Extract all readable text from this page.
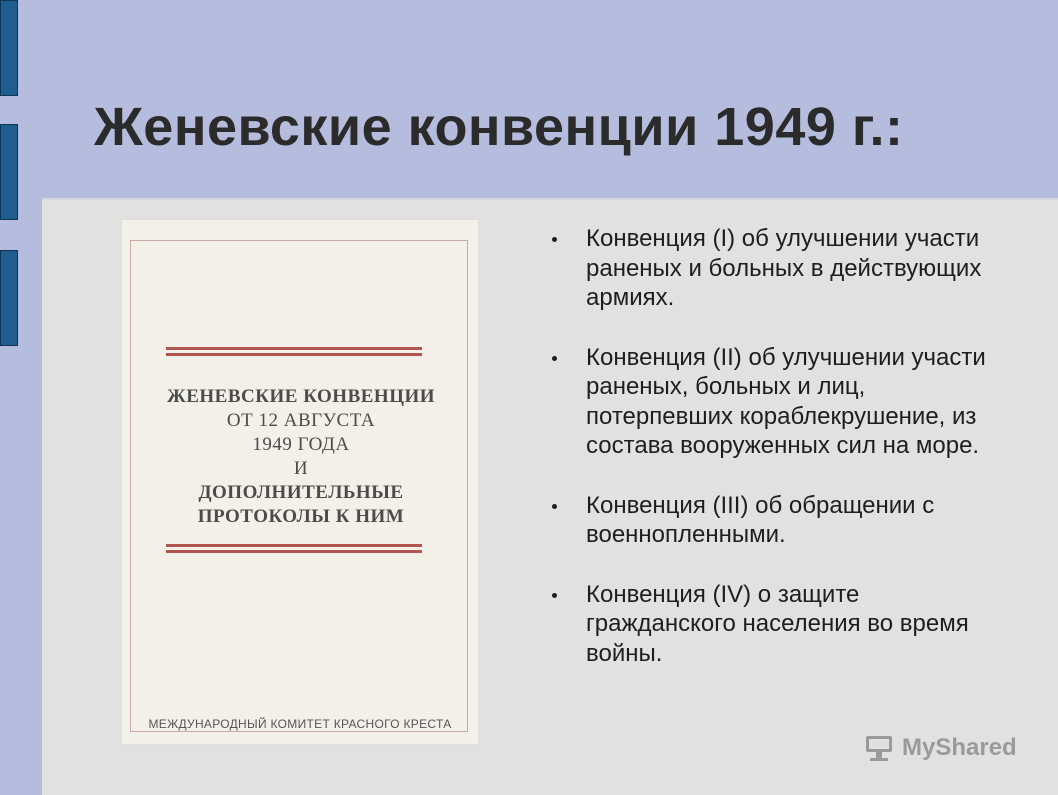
Женевские конвенции 1949 г.:
ЖЕНЕВСКИЕ КОНВЕНЦИИ
ОТ 12 АВГУСТА
1949 ГОДА
И
ДОПОЛНИТЕЛЬНЫЕ
ПРОТОКОЛЫ К НИМ
МЕЖДУНАРОДНЫЙ КОМИТЕТ КРАСНОГО КРЕСТА
Конвенция (I) об улучшении участи раненых и больных в действующих армиях.
Конвенция (II) об улучшении участи раненых, больных и лиц, потерпевших кораблекрушение, из состава вооруженных сил на море.
Конвенция (III) об обращении с военнопленными.
Конвенция (IV) о защите гражданского населения во время войны.
MyShared
